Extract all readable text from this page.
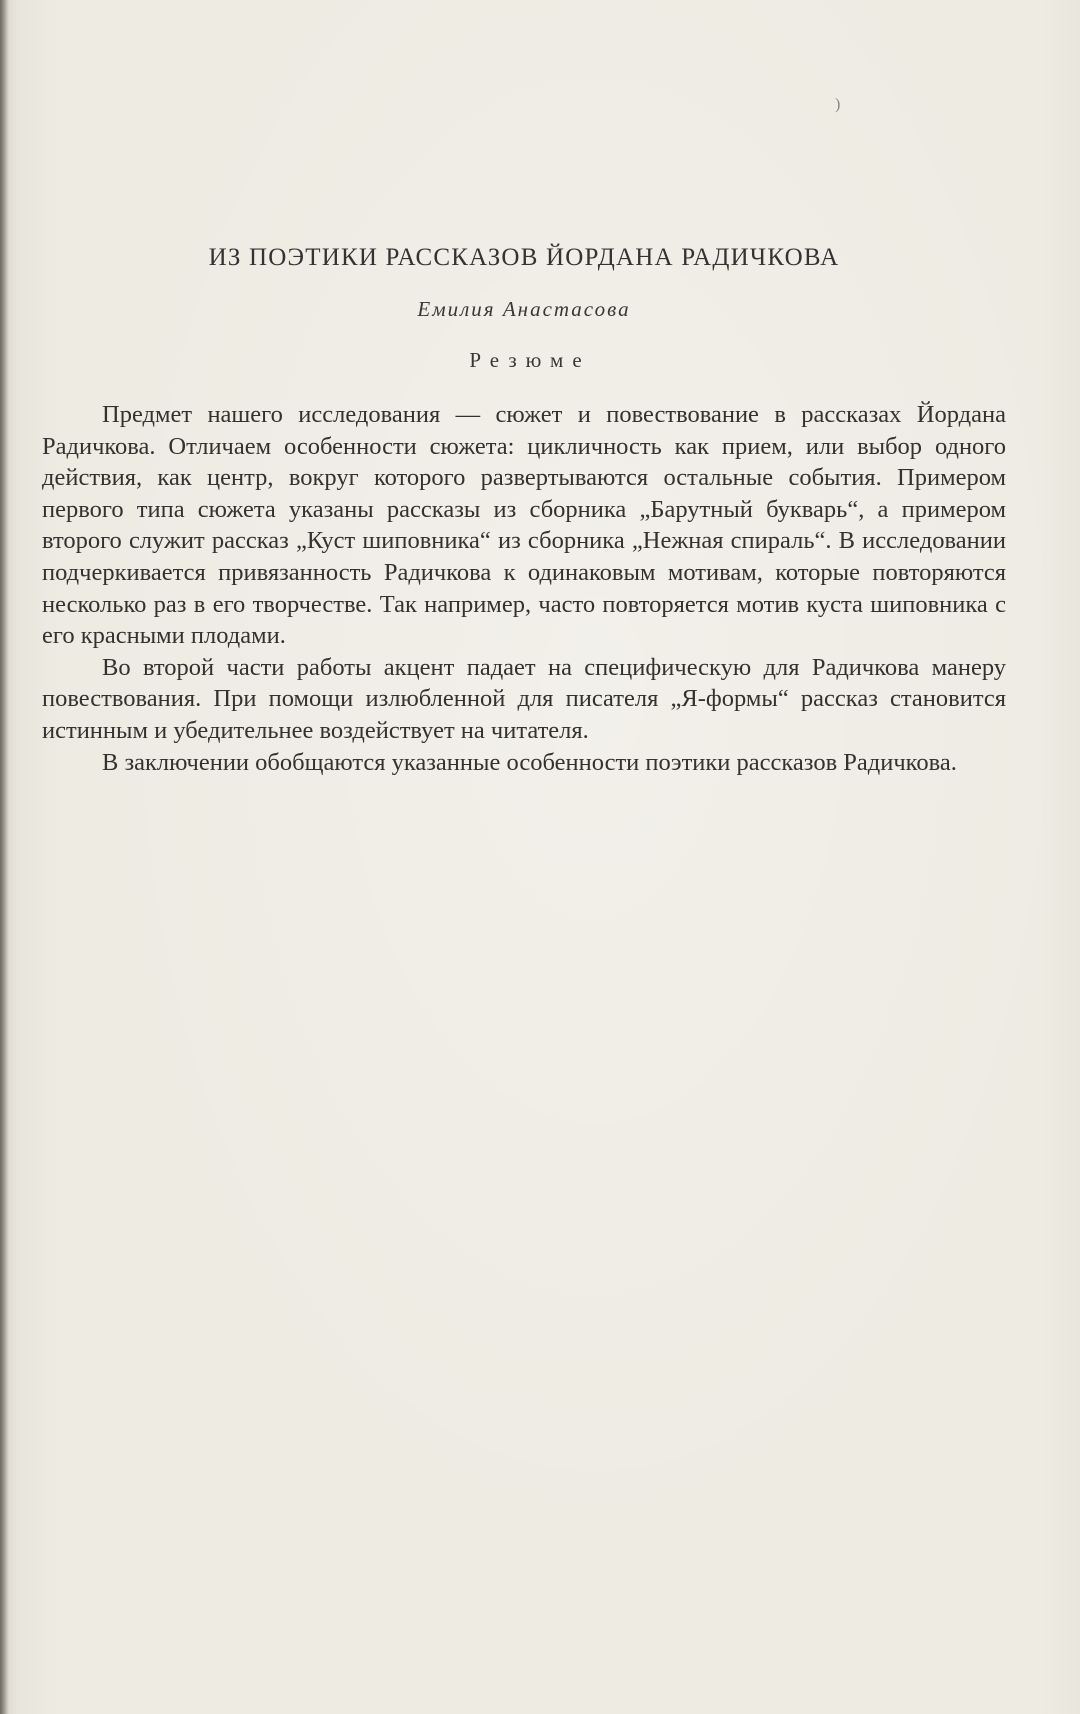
)
ИЗ ПОЭТИКИ РАССКАЗОВ ЙОРДАНА РАДИЧКОВА
Емилия Анастасова
Резюме

Предмет нашего исследования — сюжет и повествование в рассказах Йордана Радичкова. Отличаем особенности сюжета: цикличность как прием, или выбор одного действия, как центр, вокруг которого развертываются остальные события. Примером первого типа сюжета указаны рассказы из сборника „Барутный букварь“, а примером второго служит рассказ „Куст шиповника“ из сборника „Нежная спираль“. В исследовании подчеркивается привязанность Радичкова к одинаковым мотивам, которые повторяются несколько раз в его творчестве. Так например, часто повторяется мотив куста шиповника с его красными плодами.

Во второй части работы акцент падает на специфическую для Радичкова манеру повествования. При помощи излюбленной для писателя „Я-формы“ рассказ становится истинным и убедительнее воздействует на читателя.

В заключении обобщаются указанные особенности поэтики рассказов Радичкова.
